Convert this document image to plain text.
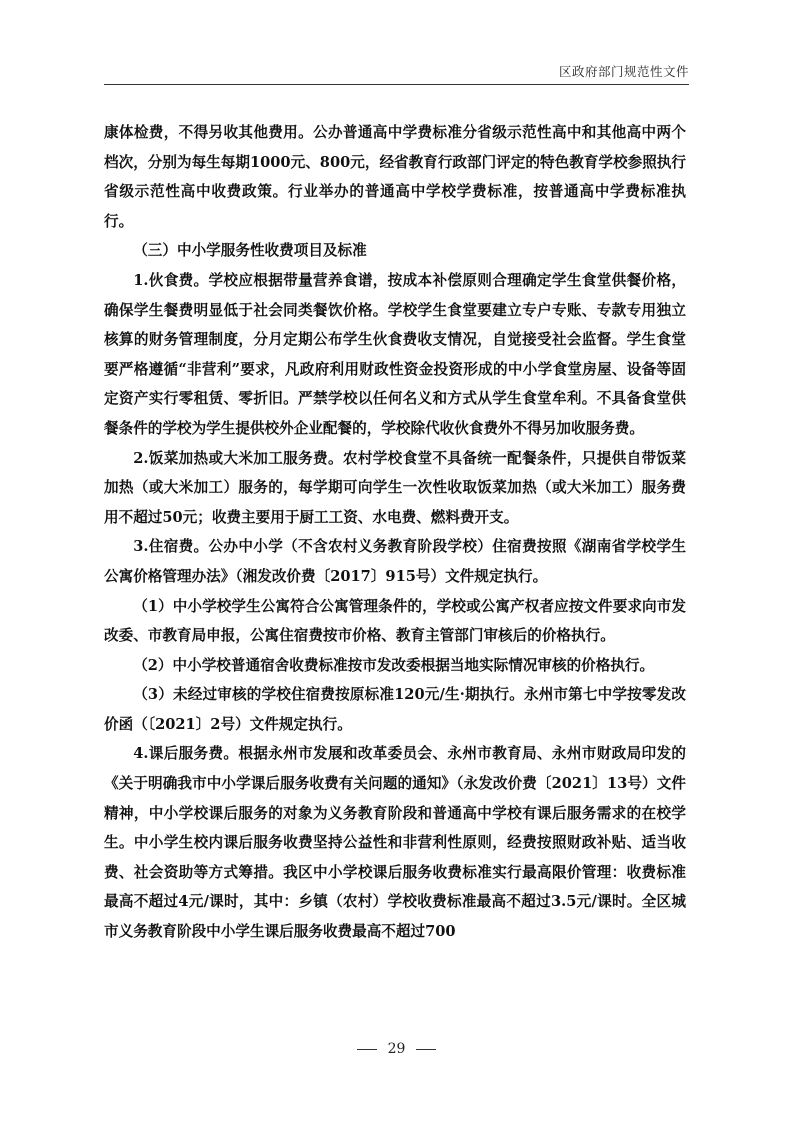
区政府部门规范性文件

康体检费，不得另收其他费用。公办普通高中学费标准分省级示范性高中和其他高中两个档次，分别为每生每期1000元、800元，经省教育行政部门评定的特色教育学校参照执行省级示范性高中收费政策。行业举办的普通高中学校学费标准，按普通高中学费标准执行。

（三）中小学服务性收费项目及标准

1.伙食费。学校应根据带量营养食谱，按成本补偿原则合理确定学生食堂供餐价格，确保学生餐费明显低于社会同类餐饮价格。学校学生食堂要建立专户专账、专款专用独立核算的财务管理制度，分月定期公布学生伙食费收支情况，自觉接受社会监督。学生食堂要严格遵循“非营利”要求，凡政府利用财政性资金投资形成的中小学食堂房屋、设备等固定资产实行零租赁、零折旧。严禁学校以任何名义和方式从学生食堂牟利。不具备食堂供餐条件的学校为学生提供校外企业配餐的，学校除代收伙食费外不得另加收服务费。

2.饭菜加热或大米加工服务费。农村学校食堂不具备统一配餐条件，只提供自带饭菜加热（或大米加工）服务的，每学期可向学生一次性收取饭菜加热（或大米加工）服务费用不超过50元；收费主要用于厨工工资、水电费、燃料费开支。

3.住宿费。公办中小学（不含农村义务教育阶段学校）住宿费按照《湖南省学校学生公寓价格管理办法》（湘发改价费〔2017〕915号）文件规定执行。

（1）中小学校学生公寓符合公寓管理条件的，学校或公寓产权者应按文件要求向市发改委、市教育局申报，公寓住宿费按市价格、教育主管部门审核后的价格执行。

（2）中小学校普通宿舍收费标准按市发改委根据当地实际情况审核的价格执行。

（3）未经过审核的学校住宿费按原标准120元/生·期执行。永州市第七中学按零发改价函（〔2021〕2号）文件规定执行。

4.课后服务费。根据永州市发展和改革委员会、永州市教育局、永州市财政局印发的《关于明确我市中小学课后服务收费有关问题的通知》（永发改价费〔2021〕13号）文件精神，中小学校课后服务的对象为义务教育阶段和普通高中学校有课后服务需求的在校学生。中小学生校内课后服务收费坚持公益性和非营利性原则，经费按照财政补贴、适当收费、社会资助等方式筹措。我区中小学校课后服务收费标准实行最高限价管理：收费标准最高不超过4元/课时，其中：乡镇（农村）学校收费标准最高不超过3.5元/课时。全区城市义务教育阶段中小学生课后服务收费最高不超过700

29
